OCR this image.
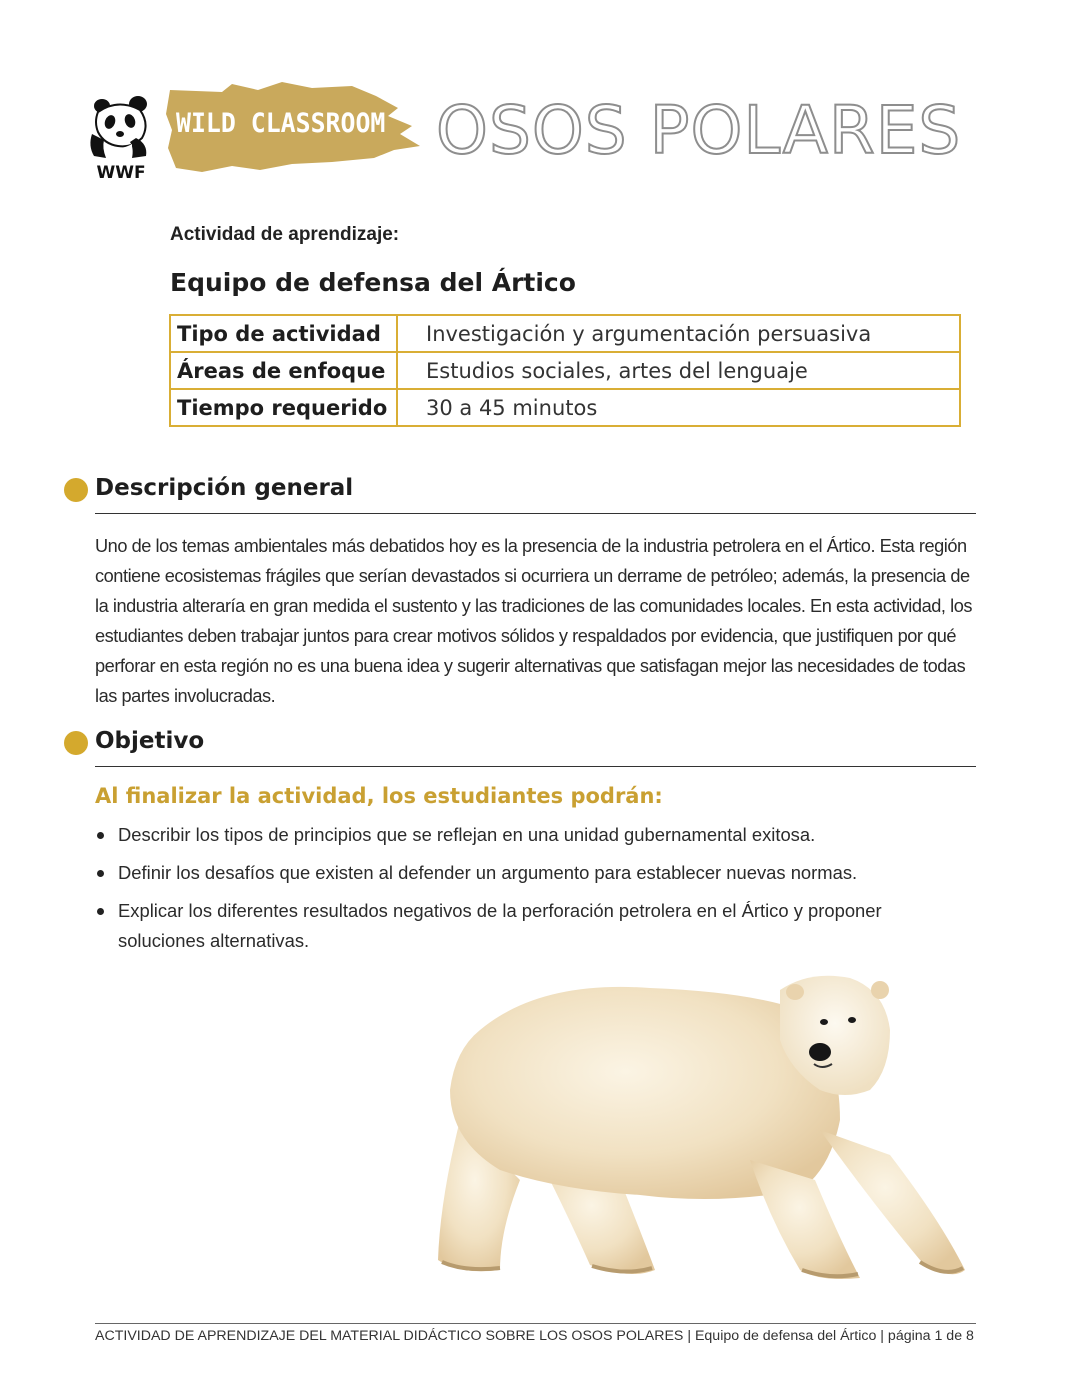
WWF
WILD CLASSROOM OSOS POLARES
Actividad de aprendizaje:
Equipo de defensa del Ártico
Tipo de actividad	Investigación y argumentación persuasiva
Áreas de enfoque	Estudios sociales, artes del lenguaje
Tiempo requerido	30 a 45 minutos
Descripción general
Uno de los temas ambientales más debatidos hoy es la presencia de la industria petrolera en el Ártico. Esta región contiene ecosistemas frágiles que serían devastados si ocurriera un derrame de petróleo; además, la presencia de la industria alteraría en gran medida el sustento y las tradiciones de las comunidades locales. En esta actividad, los estudiantes deben trabajar juntos para crear motivos sólidos y respaldados por evidencia, que justifiquen por qué perforar en esta región no es una buena idea y sugerir alternativas que satisfagan mejor las necesidades de todas las partes involucradas.
Objetivo
Al finalizar la actividad, los estudiantes podrán:
Describir los tipos de principios que se reflejan en una unidad gubernamental exitosa.
Definir los desafíos que existen al defender un argumento para establecer nuevas normas.
Explicar los diferentes resultados negativos de la perforación petrolera en el Ártico y proponer soluciones alternativas.
ACTIVIDAD DE APRENDIZAJE DEL MATERIAL DIDÁCTICO SOBRE LOS OSOS POLARES | Equipo de defensa del Ártico | página 1 de 8
